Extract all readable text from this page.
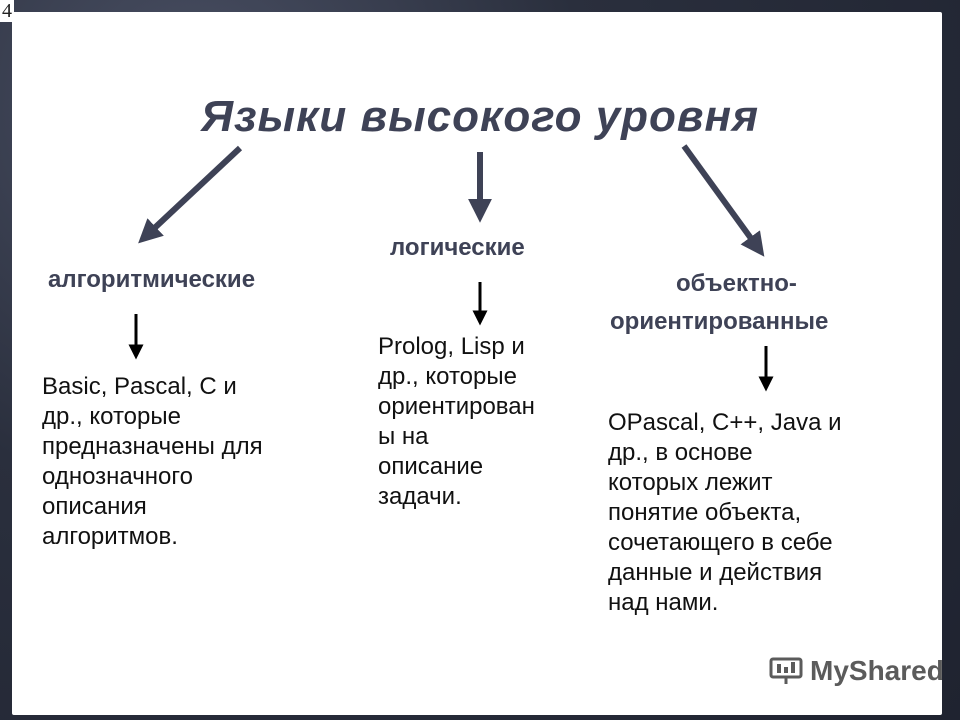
4
Языки высокого уровня
алгоритмические
логические
объектно-
ориентированные
Basic, Pascal, C и
др., которые
предназначены для
однозначного
описания
алгоритмов.
Prolog, Lisp и
др., которые
ориентирован
ы на
описание
задачи.
OPascal, C++, Java и
др., в основе
которых лежит
понятие объекта,
сочетающего в себе
данные и действия
над нами.
MyShared
